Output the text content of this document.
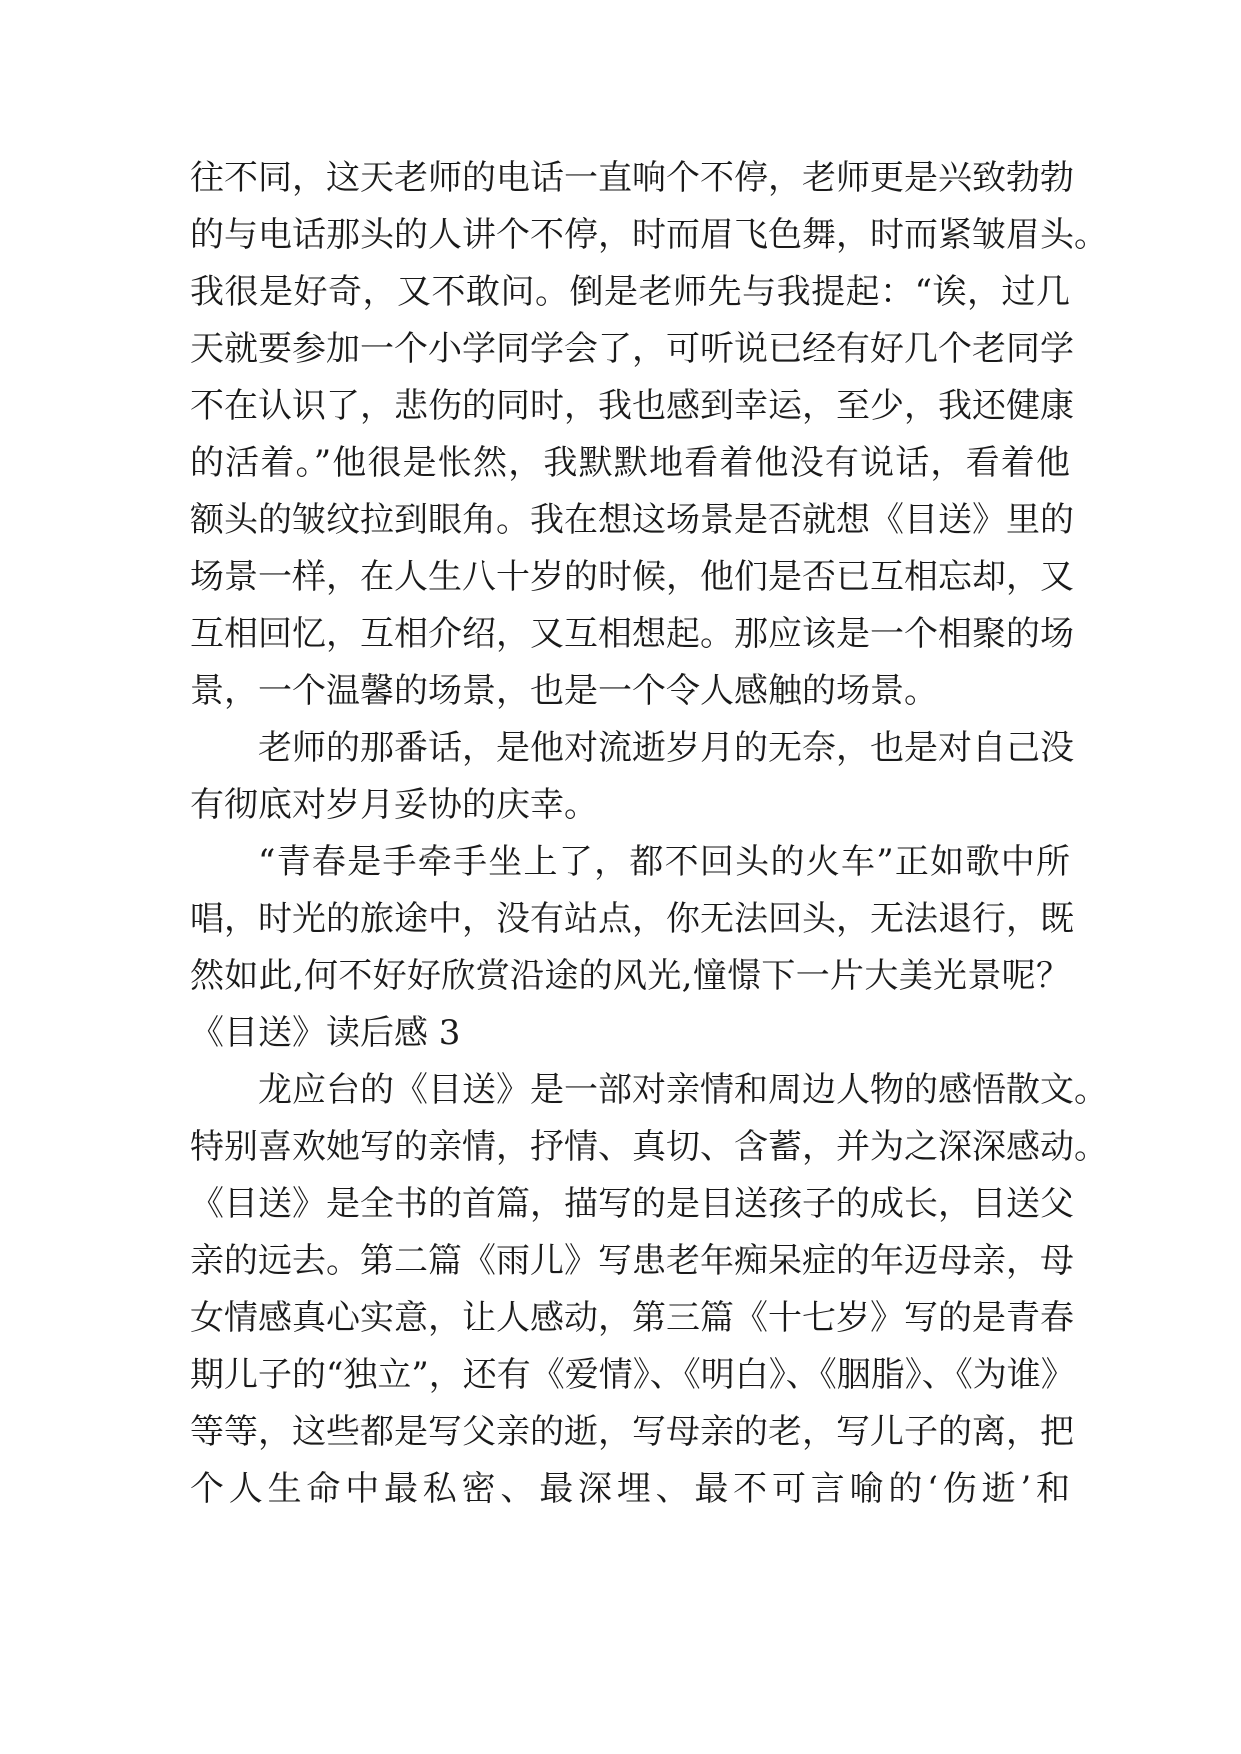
往不同，这天老师的电话一直响个不停，老师更是兴致勃勃
的与电话那头的人讲个不停，时而眉飞色舞，时而紧皱眉头。
我很是好奇，又不敢问。倒是老师先与我提起：“诶，过几
天就要参加一个小学同学会了，可听说已经有好几个老同学
不在认识了，悲伤的同时，我也感到幸运，至少，我还健康
的活着。”他很是怅然，我默默地看着他没有说话，看着他
额头的皱纹拉到眼角。我在想这场景是否就想《目送》里的
场景一样，在人生八十岁的时候，他们是否已互相忘却，又
互相回忆，互相介绍，又互相想起。那应该是一个相聚的场
景，一个温馨的场景，也是一个令人感触的场景。
老师的那番话，是他对流逝岁月的无奈，也是对自己没
有彻底对岁月妥协的庆幸。
“青春是手牵手坐上了，都不回头的火车”正如歌中所
唱，时光的旅途中，没有站点，你无法回头，无法退行，既
然如此,何不好好欣赏沿途的风光,憧憬下一片大美光景呢？
《目送》读后感 3
龙应台的《目送》是一部对亲情和周边人物的感悟散文。
特别喜欢她写的亲情，抒情、真切、含蓄，并为之深深感动。
《目送》是全书的首篇，描写的是目送孩子的成长，目送父
亲的远去。第二篇《雨儿》写患老年痴呆症的年迈母亲，母
女情感真心实意，让人感动，第三篇《十七岁》写的是青春
期儿子的“独立”，还有《爱情》、《明白》、《胭脂》、《为谁》
等等，这些都是写父亲的逝，写母亲的老，写儿子的离，把
个人生命中最私密、最深埋、最不可言喻的‘伤逝’和
